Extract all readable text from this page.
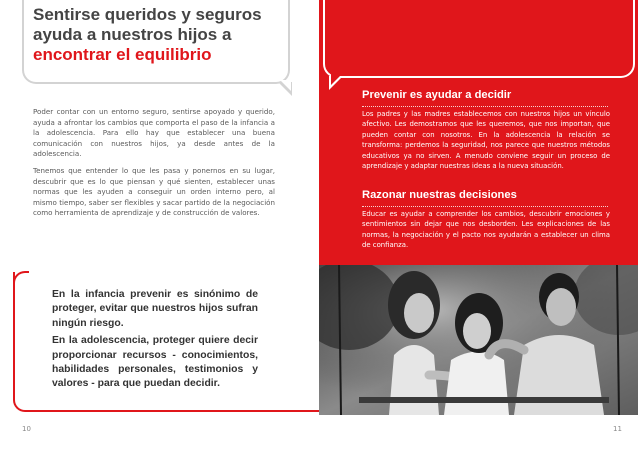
Sentirse queridos y seguros
ayuda a nuestros hijos a
encontrar el equilibrio

Poder contar con un entorno seguro, sentirse apoyado y querido, ayuda a afrontar los cambios que comporta el paso de la infancia a la adolescencia. Para ello hay que establecer una buena comunicación con nuestros hijos, ya desde antes de la adolescencia.

Tenemos que entender lo que les pasa y ponernos en su lugar, descubrir que es lo que piensan y qué sienten, establecer unas normas que les ayuden a conseguir un orden interno pero, al mismo tiempo, saber ser flexibles y sacar partido de la negociación como herramienta de aprendizaje y de construcción de valores.

En la infancia prevenir es sinónimo de proteger, evitar que nuestros hijos sufran ningún riesgo.

En la adolescencia, proteger quiere decir proporcionar recursos - conocimientos, habilidades personales, testimonios y valores - para que puedan decidir.

10
Prevenir es ayudar a decidir
Los padres y las madres establecemos con nuestros hijos un vínculo afectivo. Les demostramos que les queremos, que nos importan, que pueden contar con nosotros. En la adolescencia la relación se transforma: perdemos la seguridad, nos parece que nuestros métodos educativos ya no sirven. A menudo conviene seguir un proceso de aprendizaje y adaptar nuestras ideas a la nueva situación.
Razonar nuestras decisiones
Educar es ayudar a comprender los cambios, descubrir emociones y sentimientos sin dejar que nos desborden. Les explicaciones de las normas, la negociación y el pacto nos ayudarán a establecer un clima de confianza.
11
